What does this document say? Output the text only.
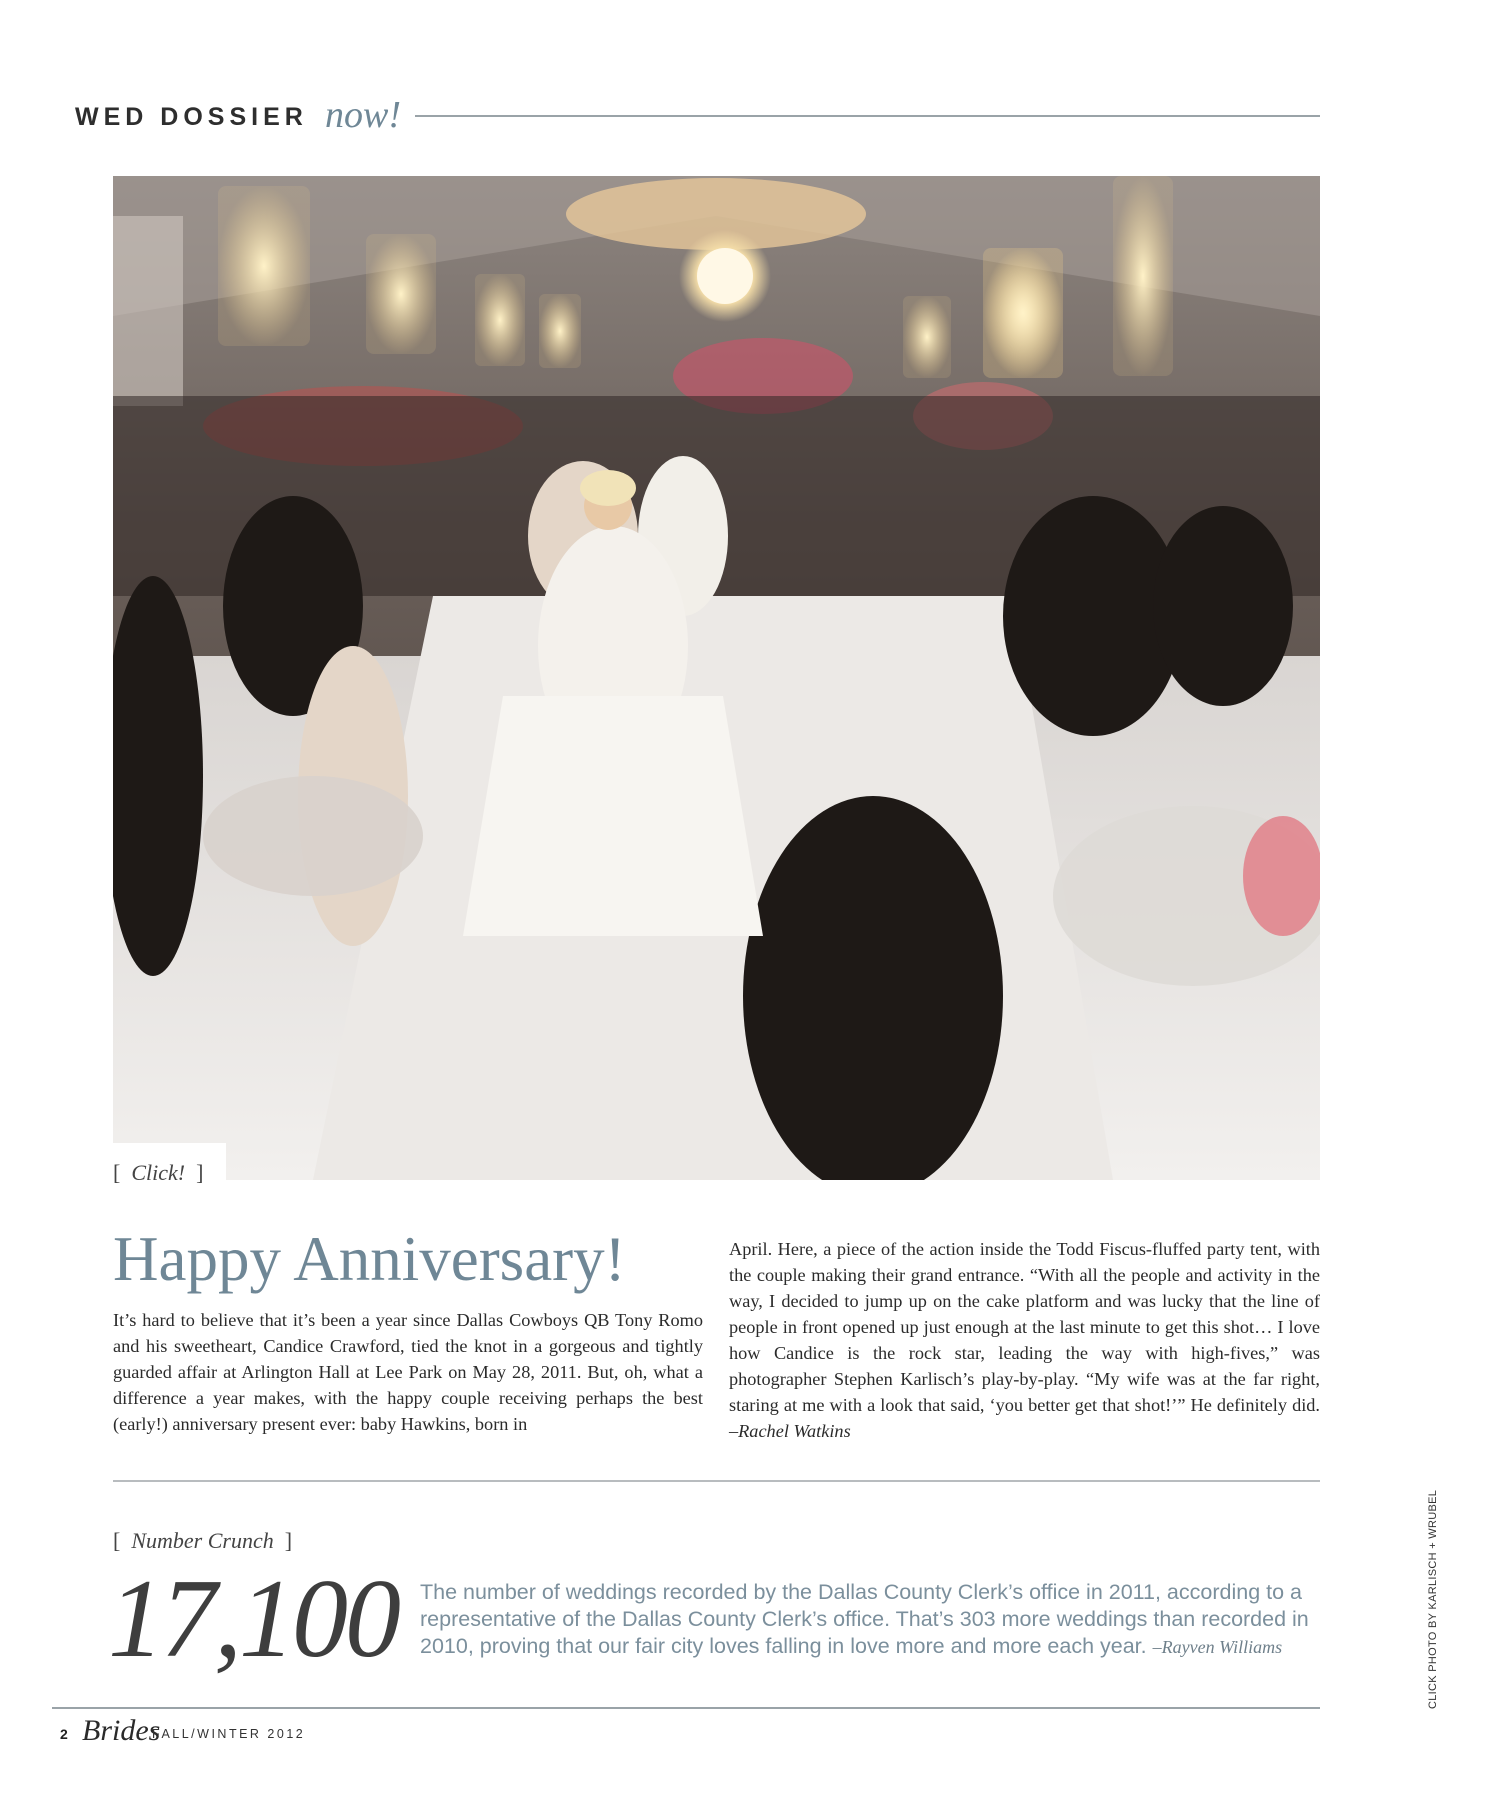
WED DOSSIER now!
[ Click! ]
Happy Anniversary!

It’s hard to believe that it’s been a year since Dallas Cowboys QB Tony Romo and his sweetheart, Candice Crawford, tied the knot in a gorgeous and tightly guarded affair at Arlington Hall at Lee Park on May 28, 2011. But, oh, what a difference a year makes, with the happy couple receiving perhaps the best (early!) anniversary present ever: baby Hawkins, born in

April. Here, a piece of the action inside the Todd Fiscus-fluffed party tent, with the couple making their grand entrance. “With all the people and activity in the way, I decided to jump up on the cake platform and was lucky that the line of people in front opened up just enough at the last minute to get this shot… I love how Candice is the rock star, leading the way with high-fives,” was photographer Stephen Karlisch’s play-by-play. “My wife was at the far right, staring at me with a look that said, ‘you better get that shot!’” He definitely did. –Rachel Watkins

[ Number Crunch ]
17,100 The number of weddings recorded by the Dallas County Clerk’s office in 2011, according to a representative of the Dallas County Clerk’s office. That’s 303 more weddings than recorded in 2010, proving that our fair city loves falling in love more and more each year. –Rayven Williams

2 Brides
FALL/WINTER 2012
CLICK PHOTO BY KARLISCH + WRUBEL
